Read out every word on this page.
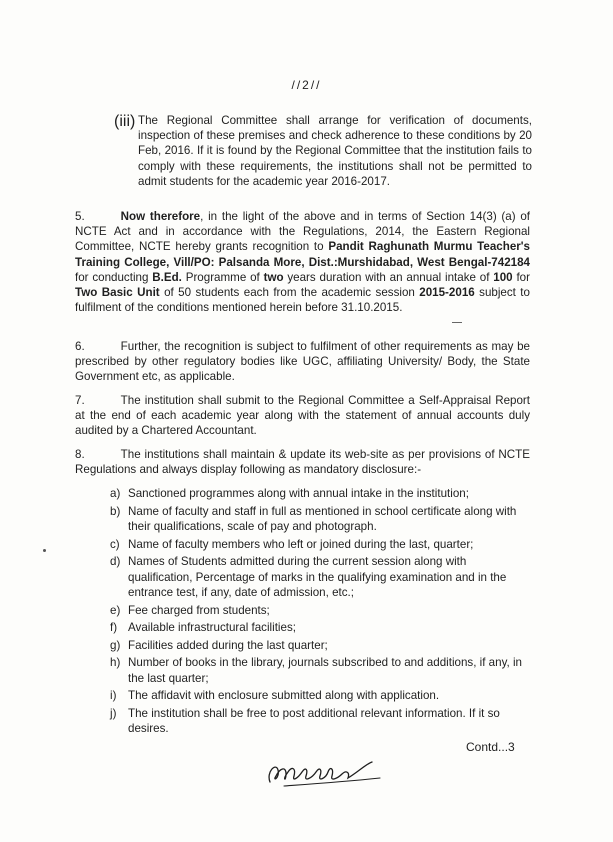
//2//
(iii) The Regional Committee shall arrange for verification of documents, inspection of these premises and check adherence to these conditions by 20 Feb, 2016. If it is found by the Regional Committee that the institution fails to comply with these requirements, the institutions shall not be permitted to admit students for the academic year 2016-2017.
5.	Now therefore, in the light of the above and in terms of Section 14(3) (a) of NCTE Act and in accordance with the Regulations, 2014, the Eastern Regional Committee, NCTE hereby grants recognition to Pandit Raghunath Murmu Teacher's Training College, Vill/PO: Palsanda More, Dist.:Murshidabad, West Bengal-742184 for conducting B.Ed. Programme of two years duration with an annual intake of 100 for Two Basic Unit of 50 students each from the academic session 2015-2016 subject to fulfilment of the conditions mentioned herein before 31.10.2015.
6.	Further, the recognition is subject to fulfilment of other requirements as may be prescribed by other regulatory bodies like UGC, affiliating University/ Body, the State Government etc, as applicable.
7.	The institution shall submit to the Regional Committee a Self-Appraisal Report at the end of each academic year along with the statement of annual accounts duly audited by a Chartered Accountant.
8.	The institutions shall maintain & update its web-site as per provisions of NCTE Regulations and always display following as mandatory disclosure:-
a) Sanctioned programmes along with annual intake in the institution;
b) Name of faculty and staff in full as mentioned in school certificate along with their qualifications, scale of pay and photograph.
c) Name of faculty members who left or joined during the last, quarter;
d) Names of Students admitted during the current session along with qualification, Percentage of marks in the qualifying examination and in the entrance test, if any, date of admission, etc.;
e) Fee charged from students;
f) Available infrastructural facilities;
g) Facilities added during the last quarter;
h) Number of books in the library, journals subscribed to and additions, if any, in the last quarter;
i) The affidavit with enclosure submitted along with application.
j) The institution shall be free to post additional relevant information. If it so desires.
Contd...3
